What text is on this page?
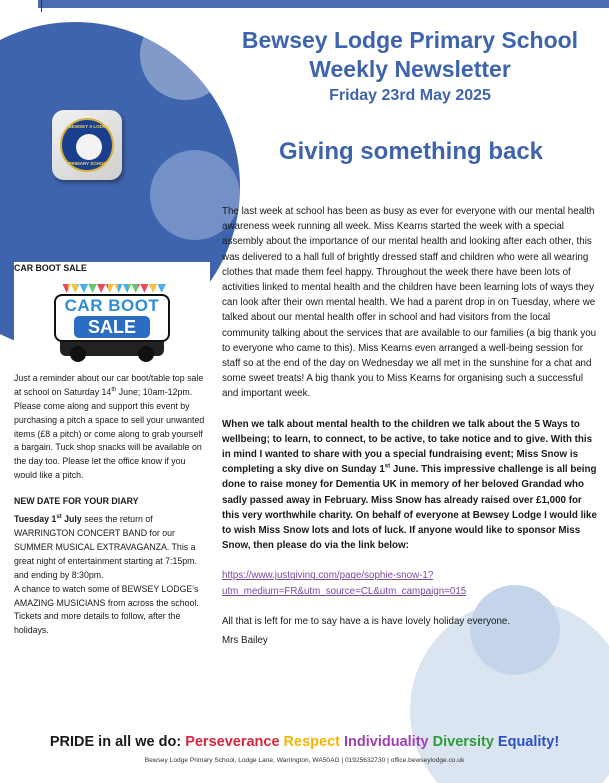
BEWSEY A LODGE
PRIMARY SCHOOL
Bewsey Lodge Primary School
Weekly Newsletter
Friday 23rd May 2025
Giving something back

The last week at school has been as busy as ever for everyone with our mental health awareness week running all week. Miss Kearns started the week with a special assembly about the importance of our mental health and looking after each other, this was delivered to a hall full of brightly dressed staff and children who were all wearing clothes that made them feel happy. Throughout the week there have been lots of activities linked to mental health and the children have been learning lots of ways they can look after their own mental health. We had a parent drop in on Tuesday, where we talked about our mental health offer in school and had visitors from the local community talking about the services that are available to our families (a big thank you to everyone who came to this). Miss Kearns even arranged a well-being session for staff so at the end of the day on Wednesday we all met in the sunshine for a chat and some sweet treats! A big thank you to Miss Kearns for organising such a successful and important week.

When we talk about mental health to the children we talk about the 5 Ways to wellbeing; to learn, to connect, to be active, to take notice and to give. With this in mind I wanted to share with you a special fundraising event; Miss Snow is completing a sky dive on Sunday 1st June. This impressive challenge is all being done to raise money for Dementia UK in memory of her beloved Grandad who sadly passed away in February. Miss Snow has already raised over £1,000 for this very worthwhile charity. On behalf of everyone at Bewsey Lodge I would like to wish Miss Snow lots and lots of luck. If anyone would like to sponsor Miss Snow, then please do via the link below:

https://www.justgiving.com/page/sophie-snow-1?utm_medium=FR&utm_source=CL&utm_campaign=015

All that is left for me to say have a is have lovely holiday everyone.

Mrs Bailey

CAR BOOT SALE
CAR BOOT
SALE

Just a reminder about our car boot/table top sale at school on Saturday 14th June; 10am-12pm. Please come along and support this event by purchasing a pitch a space to sell your unwanted items (£8 a pitch) or come along to grab yourself a bargain. Tuck shop snacks will be available on the day too. Please let the office know if you would like a pitch.

NEW DATE FOR YOUR DIARY

Tuesday 1st July sees the return of WARRINGTON CONCERT BAND for our SUMMER MUSICAL EXTRAVAGANZA. This a great night of entertainment starting at 7:15pm. and ending by 8:30pm.

A chance to watch some of BEWSEY LODGE's AMAZING MUSICIANS from across the school.

Tickets and more details to follow, after the holidays.

PRIDE in all we do: Perseverance Respect Individuality Diversity Equality!
Bewsey Lodge Primary School, Lodge Lane, Warrington, WA50AG | 01925632730 | office.bewseylodge.co.uk
